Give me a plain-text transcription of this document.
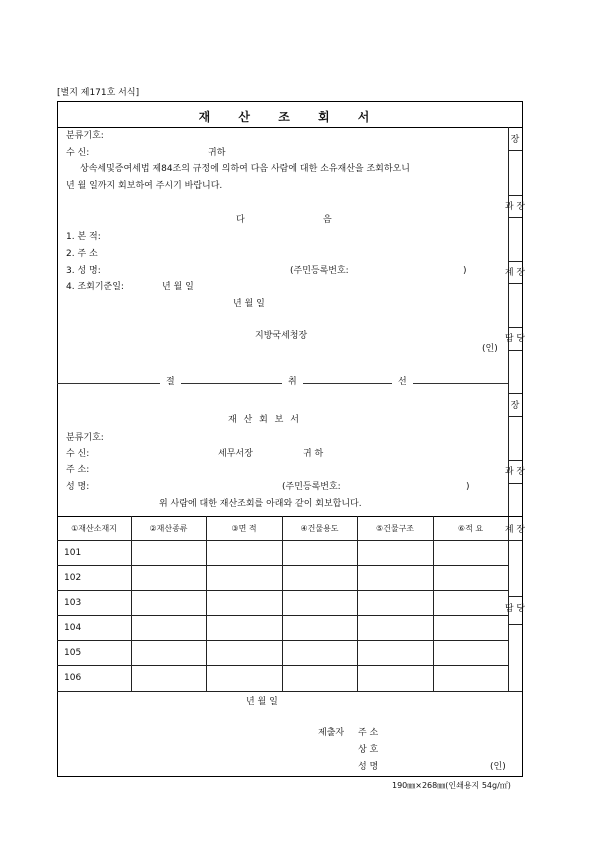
[별지 제171호 서식]
재 산 조 회 서
장
과 장
계 장
담 당
장
과 장
계 장
담 당
분류기호:
수 신:	귀하
상속세및증여세법 제84조의 규정에 의하여 다음 사람에 대한 소유재산을 조회하오니
년 월 일까지 회보하여 주시기 바랍니다.
다	음
1. 본 적:
2. 주 소
3. 성 명:	(주민등록번호:	)
4. 조회기준일:	년 월 일
년 월 일
지방국세청장
(인)
절	취	선
재 산 회 보 서
분류기호:
수 신:	세무서장	귀 하
주 소:
성 명:	(주민등록번호:	)
위 사람에 대한 재산조회를 아래와 같이 회보합니다.
①재산소재지	②재산종류	③면 적	④건물용도	⑤건물구조	⑥적 요
101
102
103
104
105
106
년 월 일
제출자 주 소
상 호
성 명	(인)
190㎜×268㎜(인쇄용지 54g/㎡)
